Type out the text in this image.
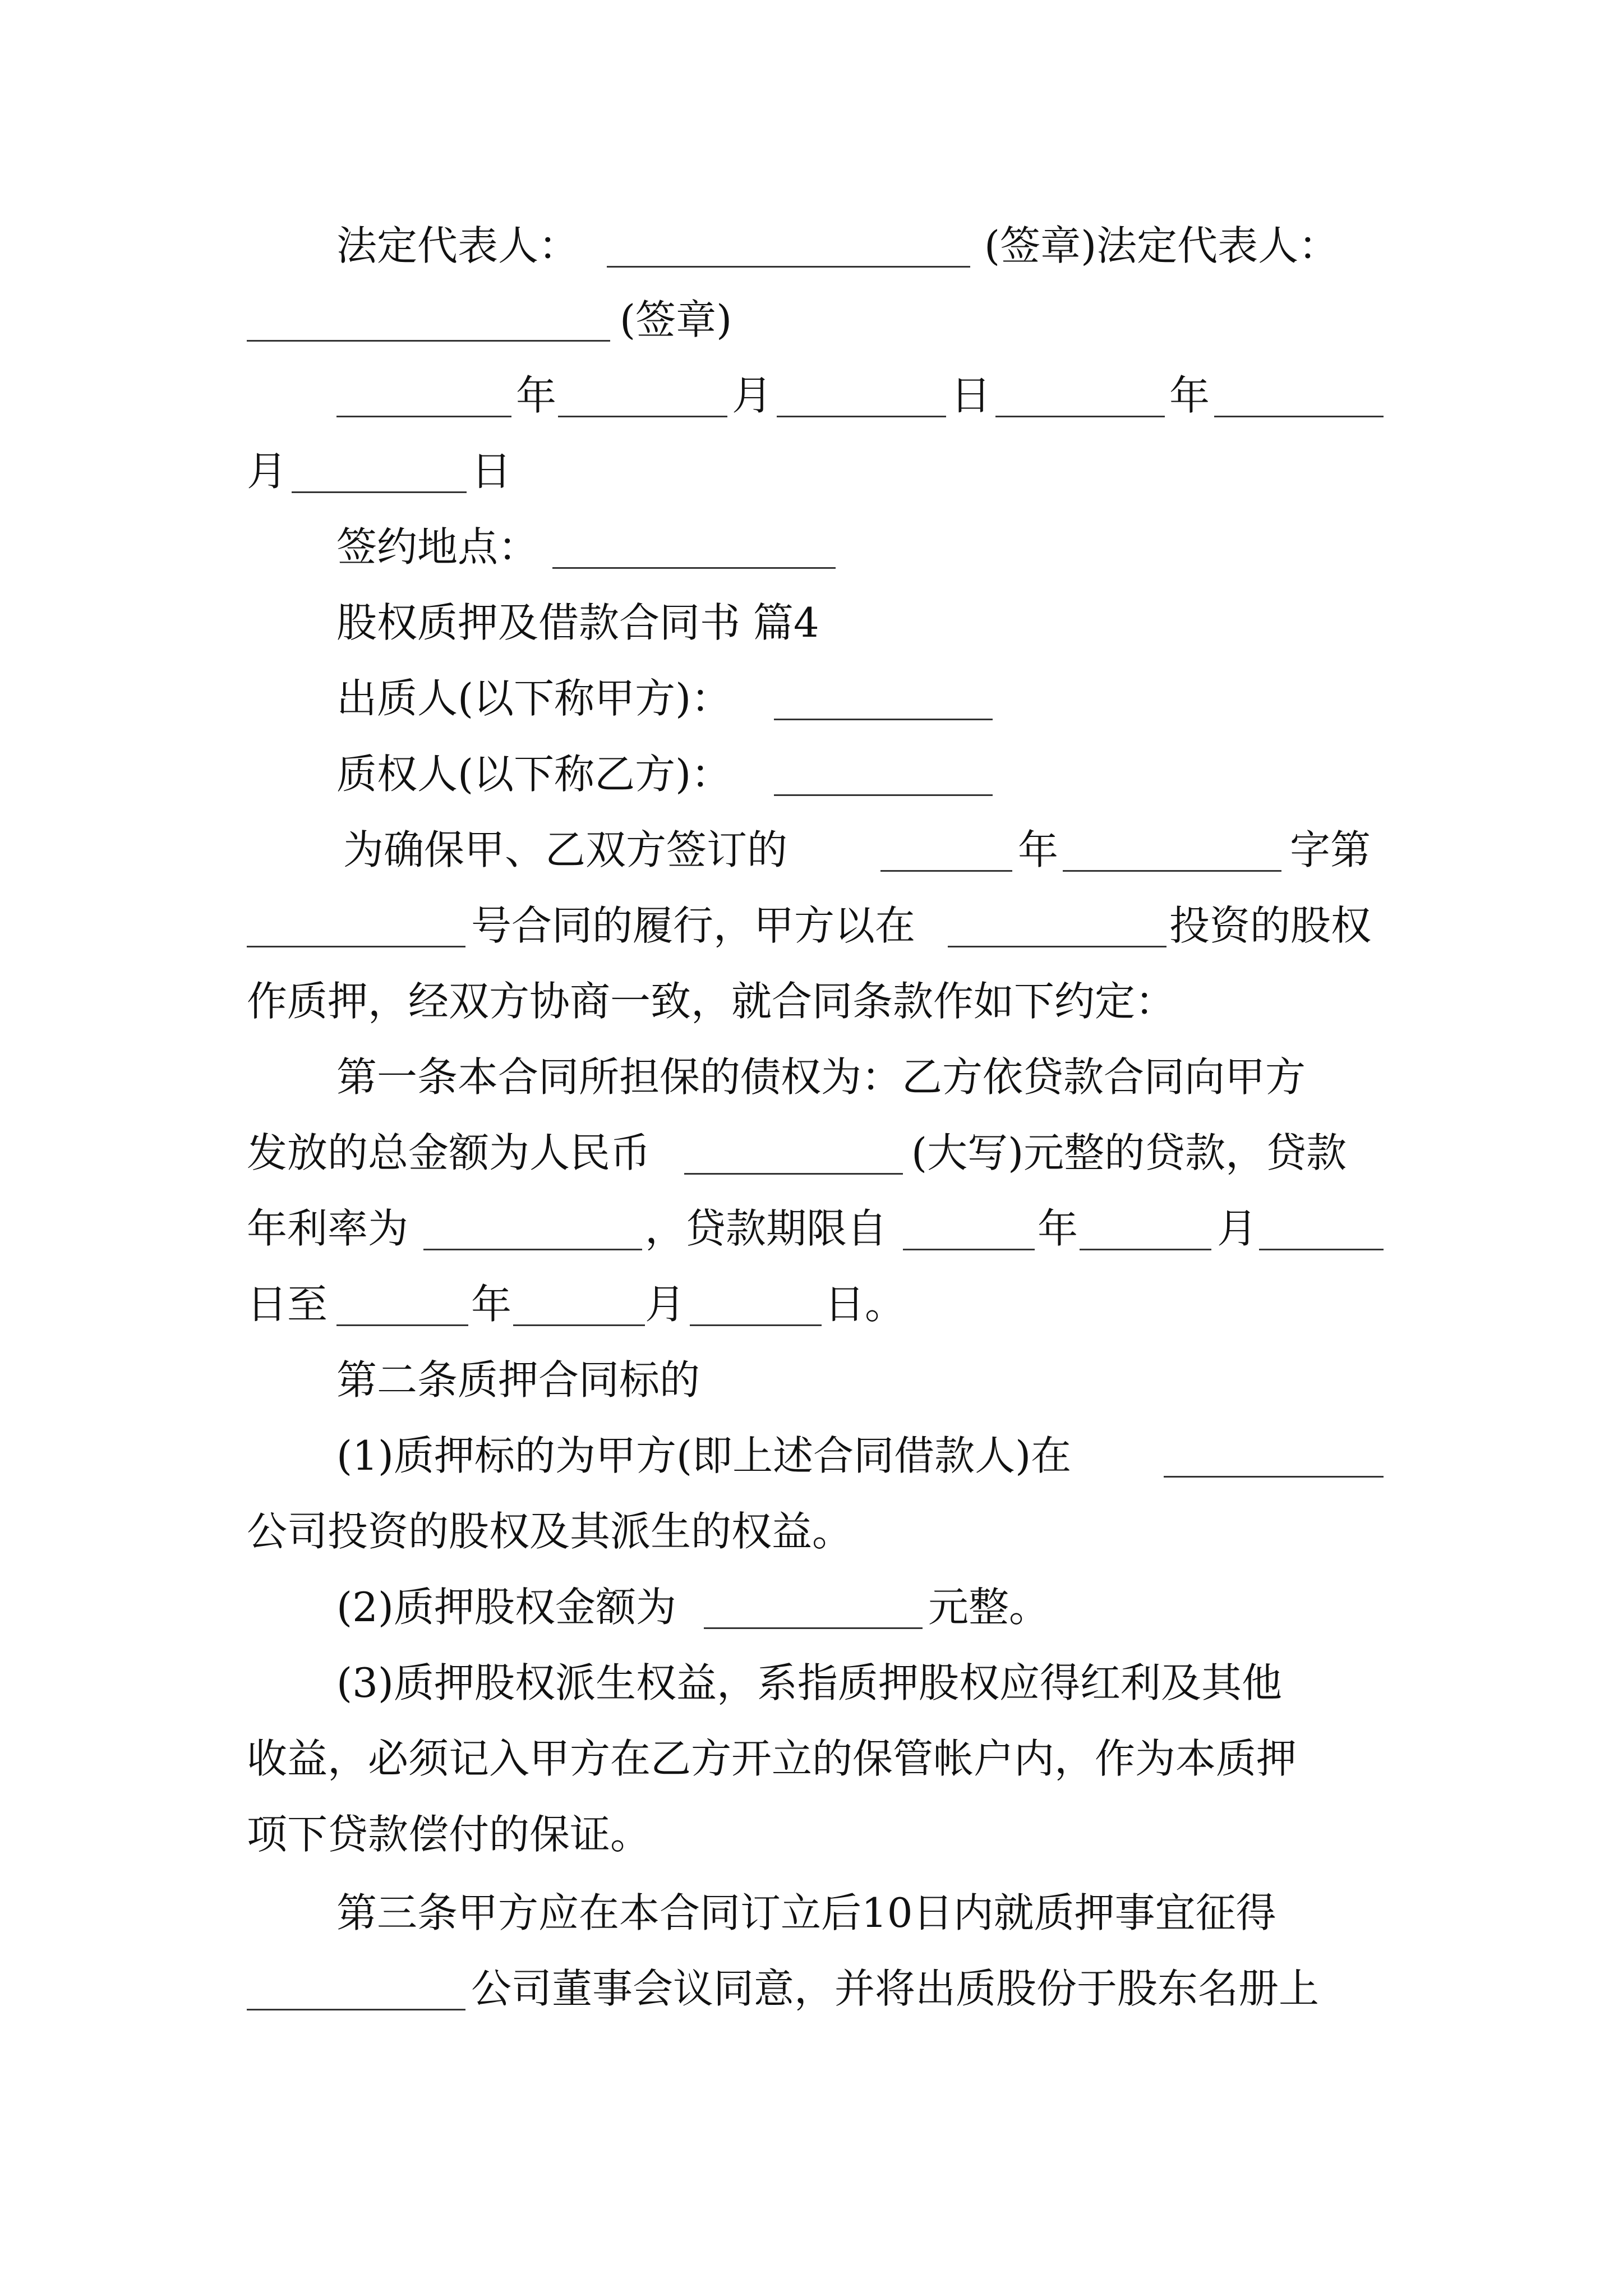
法定代表人：	(签章)法定代表人：
(签章)
年	月	日	年
月	日
签约地点：
股权质押及借款合同书 篇4
出质人(以下称甲方)：
质权人(以下称乙方)：
为确保甲、乙双方签订的	年	字第
号合同的履行，甲方以在	投资的股权
作质押，经双方协商一致，就合同条款作如下约定：
第一条本合同所担保的债权为：乙方依贷款合同向甲方
发放的总金额为人民币	(大写)元整的贷款，贷款
年利率为	，贷款期限自	年	月
日至	年	月	日。
第二条质押合同标的
(1)质押标的为甲方(即上述合同借款人)在
公司投资的股权及其派生的权益。
(2)质押股权金额为	元整。
(3)质押股权派生权益，系指质押股权应得红利及其他
收益，必须记入甲方在乙方开立的保管帐户内，作为本质押
项下贷款偿付的保证。
第三条甲方应在本合同订立后10日内就质押事宜征得
公司董事会议同意，并将出质股份于股东名册上
